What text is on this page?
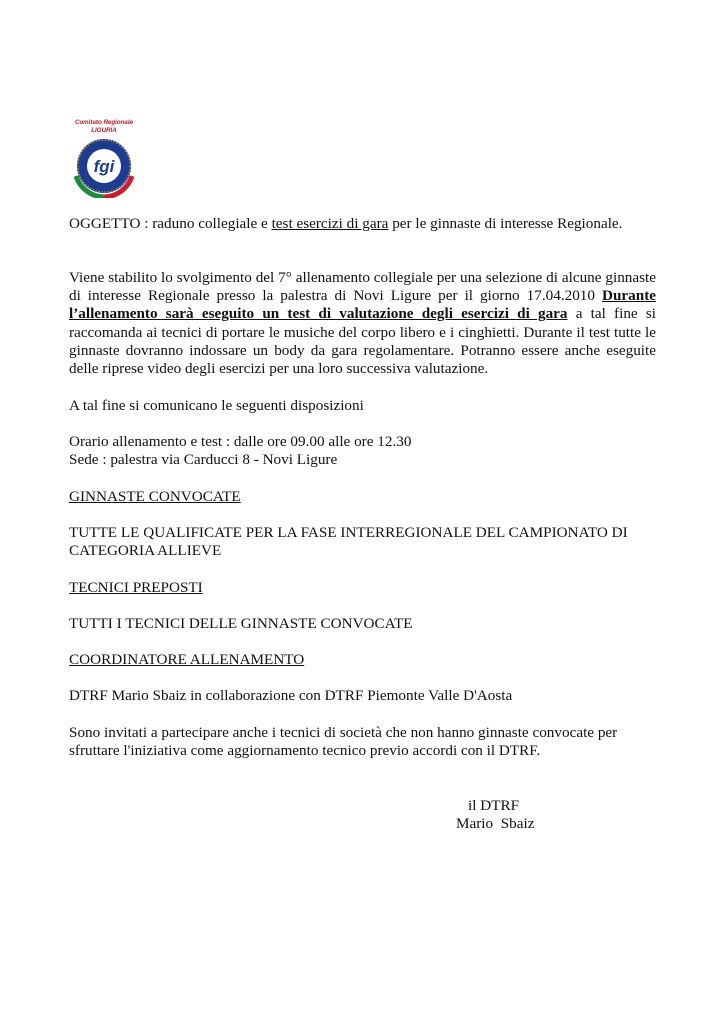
Comitato Regionale
LIGURIA
fgi

OGGETTO : raduno collegiale e test esercizi di gara per le ginnaste di interesse Regionale.

Viene stabilito lo svolgimento del 7° allenamento collegiale per una selezione di alcune ginnaste di interesse Regionale presso la palestra di Novi Ligure per il giorno 17.04.2010 Durante l’allenamento sarà eseguito un test di valutazione degli esercizi di gara a tal fine si raccomanda ai tecnici di portare le musiche del corpo libero e i cinghietti. Durante il test tutte le ginnaste dovranno indossare un body da gara regolamentare. Potranno essere anche eseguite delle riprese video degli esercizi per una loro successiva valutazione.

A tal fine si comunicano le seguenti disposizioni

Orario allenamento e test : dalle ore 09.00 alle ore 12.30

Sede : palestra via Carducci 8 - Novi Ligure

GINNASTE CONVOCATE

TUTTE LE QUALIFICATE PER LA FASE INTERREGIONALE DEL CAMPIONATO DI CATEGORIA ALLIEVE

TECNICI PREPOSTI

TUTTI I TECNICI DELLE GINNASTE CONVOCATE

COORDINATORE ALLENAMENTO

DTRF Mario Sbaiz in collaborazione con DTRF Piemonte Valle D'Aosta

Sono invitati a partecipare anche i tecnici di società che non hanno ginnaste convocate per sfruttare l'iniziativa come aggiornamento tecnico previo accordi con il DTRF.

il DTRF
Mario  Sbaiz
